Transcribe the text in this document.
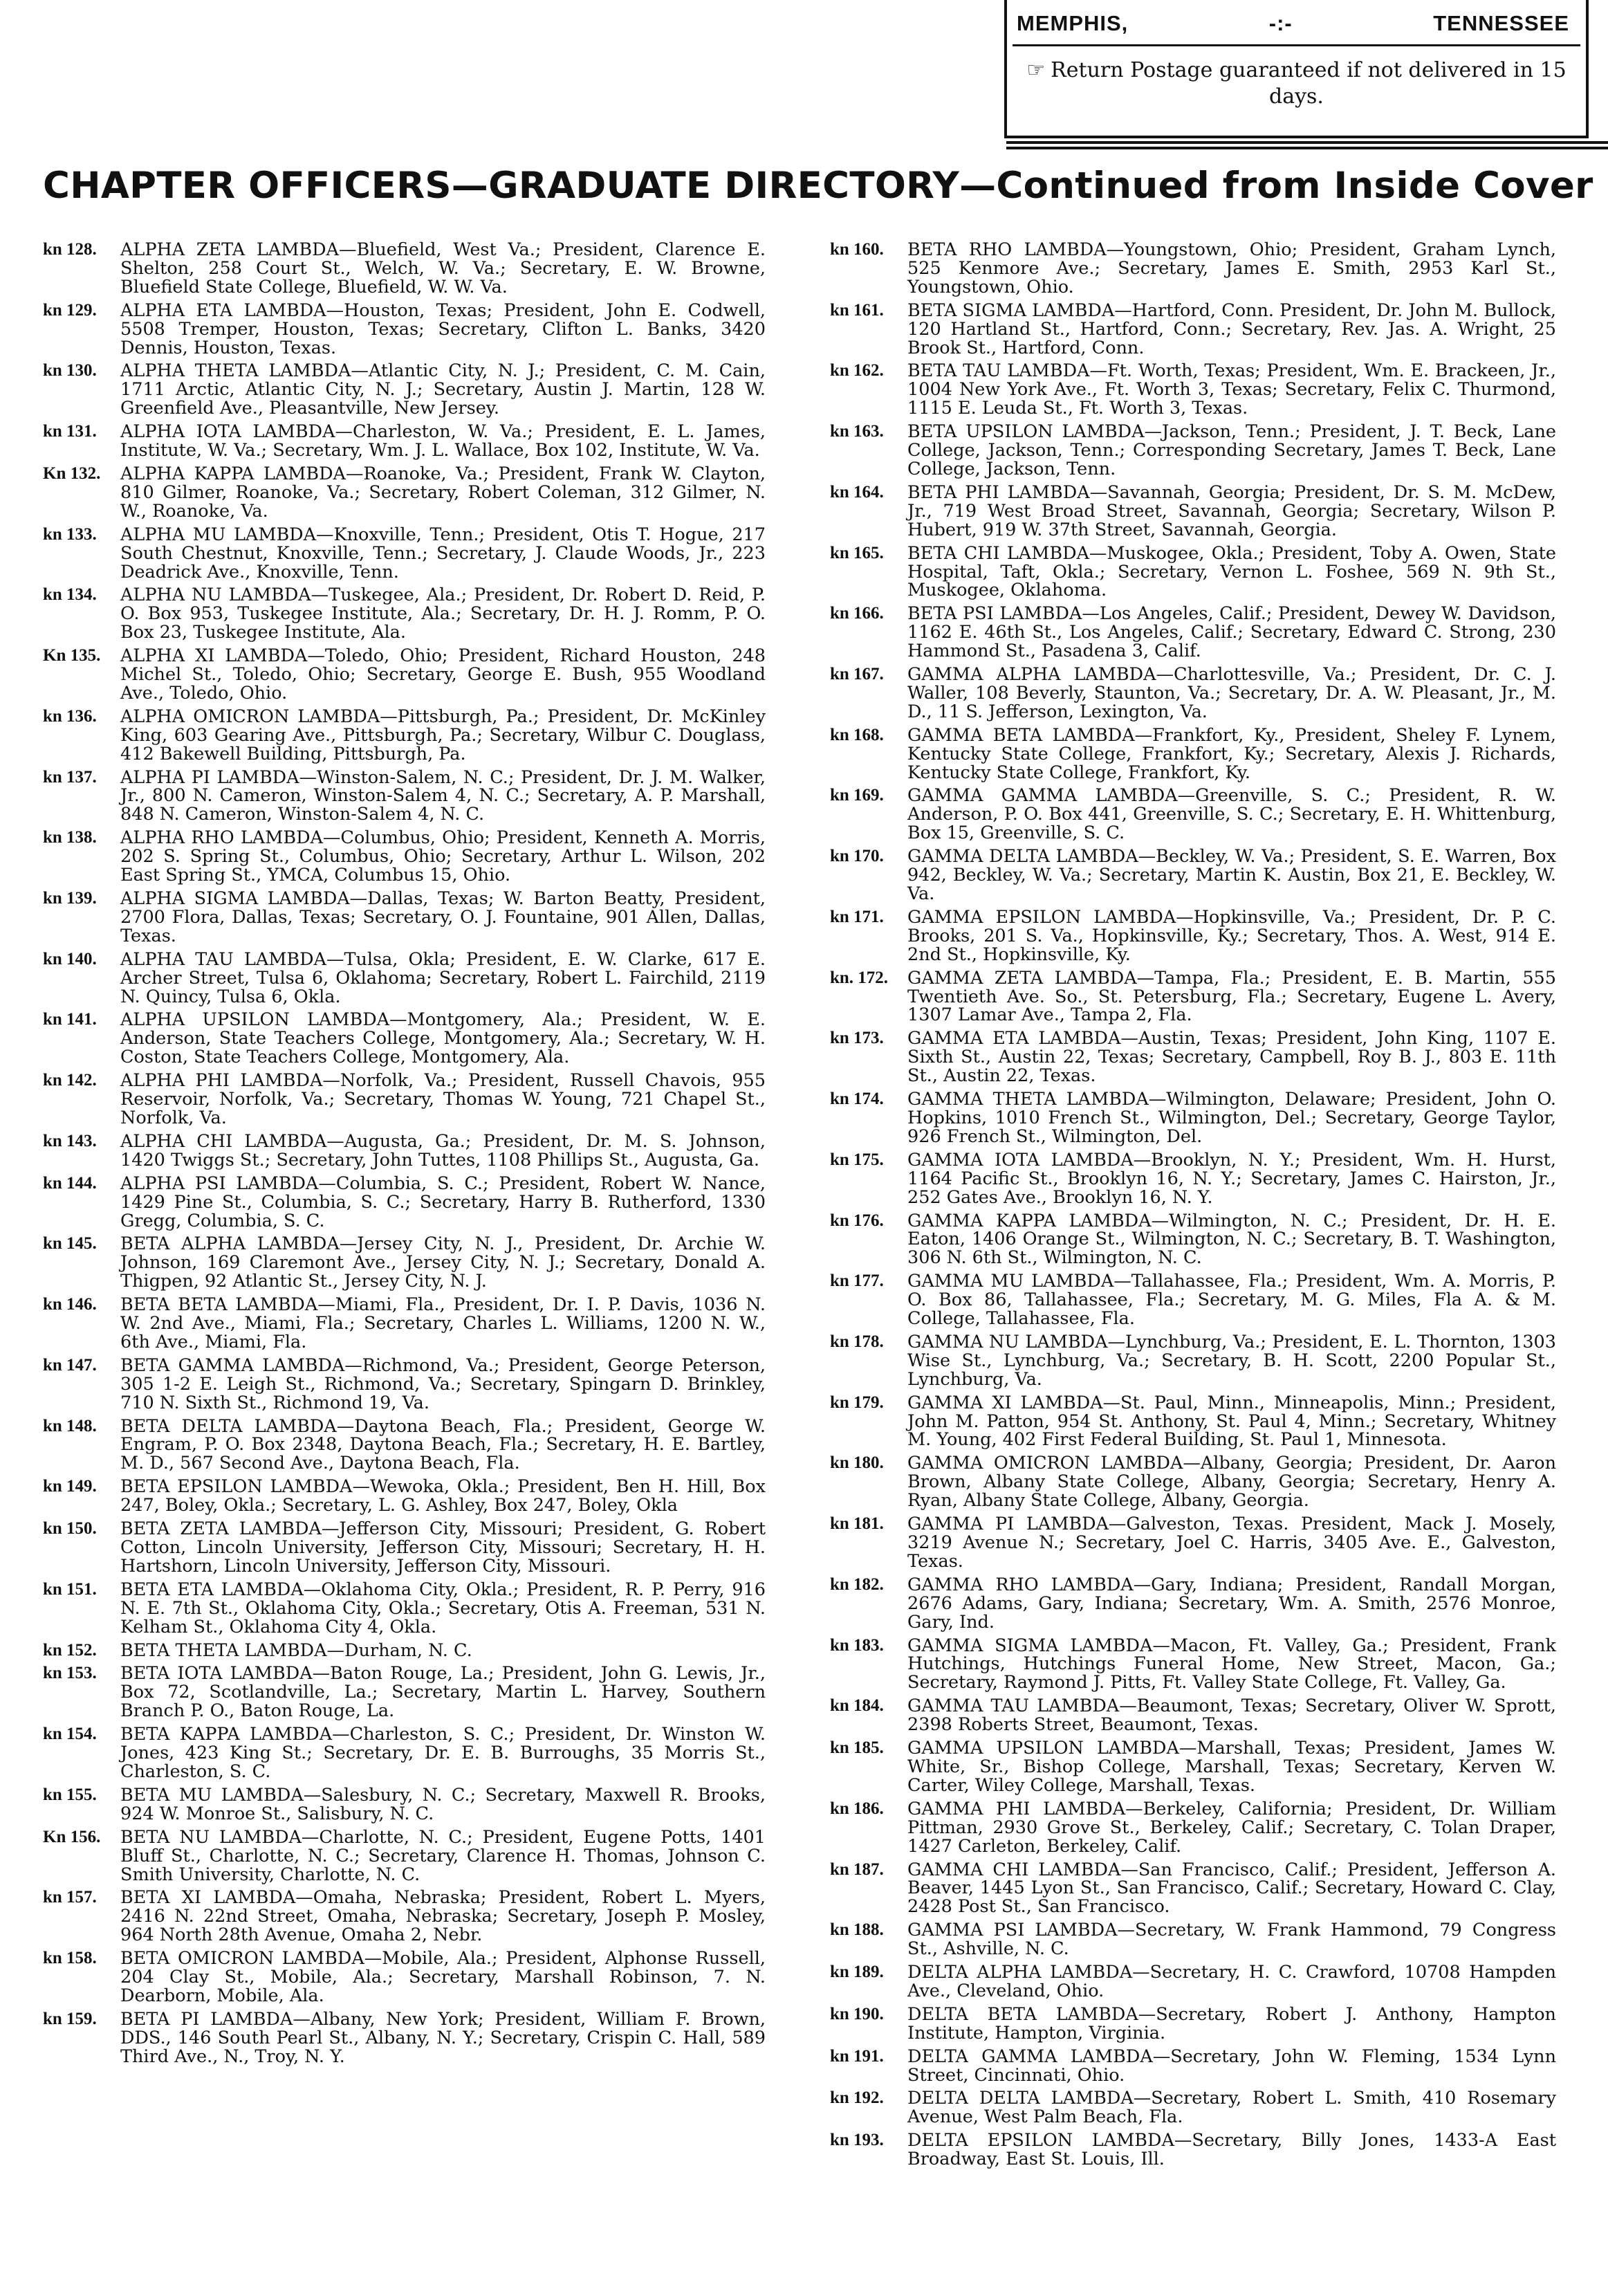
MEMPHIS,	-:-	TENNESSEE
☞ Return Postage guaranteed if not delivered in 15 days.
CHAPTER OFFICERS—GRADUATE DIRECTORY—Continued from Inside Cover
kn 128.	ALPHA ZETA LAMBDA—Bluefield, West Va.; President, Clarence E. Shelton, 258 Court St., Welch, W. Va.; Secretary, E. W. Browne, Bluefield State College, Bluefield, W. W. Va.
kn 129.	ALPHA ETA LAMBDA—Houston, Texas; President, John E. Codwell, 5508 Tremper, Houston, Texas; Secretary, Clifton L. Banks, 3420 Dennis, Houston, Texas.
kn 130.	ALPHA THETA LAMBDA—Atlantic City, N. J.; President, C. M. Cain, 1711 Arctic, Atlantic City, N. J.; Secretary, Austin J. Martin, 128 W. Greenfield Ave., Pleasantville, New Jersey.
kn 131.	ALPHA IOTA LAMBDA—Charleston, W. Va.; President, E. L. James, Institute, W. Va.; Secretary, Wm. J. L. Wallace, Box 102, Institute, W. Va.
Kn 132.	ALPHA KAPPA LAMBDA—Roanoke, Va.; President, Frank W. Clayton, 810 Gilmer, Roanoke, Va.; Secretary, Robert Coleman, 312 Gilmer, N. W., Roanoke, Va.
kn 133.	ALPHA MU LAMBDA—Knoxville, Tenn.; President, Otis T. Hogue, 217 South Chestnut, Knoxville, Tenn.; Secretary, J. Claude Woods, Jr., 223 Deadrick Ave., Knoxville, Tenn.
kn 134.	ALPHA NU LAMBDA—Tuskegee, Ala.; President, Dr. Robert D. Reid, P. O. Box 953, Tuskegee Institute, Ala.; Secretary, Dr. H. J. Romm, P. O. Box 23, Tuskegee Institute, Ala.
Kn 135.	ALPHA XI LAMBDA—Toledo, Ohio; President, Richard Houston, 248 Michel St., Toledo, Ohio; Secretary, George E. Bush, 955 Woodland Ave., Toledo, Ohio.
kn 136.	ALPHA OMICRON LAMBDA—Pittsburgh, Pa.; President, Dr. McKinley King, 603 Gearing Ave., Pittsburgh, Pa.; Secretary, Wilbur C. Douglass, 412 Bakewell Building, Pittsburgh, Pa.
kn 137.	ALPHA PI LAMBDA—Winston-Salem, N. C.; President, Dr. J. M. Walker, Jr., 800 N. Cameron, Winston-Salem 4, N. C.; Secretary, A. P. Marshall, 848 N. Cameron, Winston-Salem 4, N. C.
kn 138.	ALPHA RHO LAMBDA—Columbus, Ohio; President, Kenneth A. Morris, 202 S. Spring St., Columbus, Ohio; Secretary, Arthur L. Wilson, 202 East Spring St., YMCA, Columbus 15, Ohio.
kn 139.	ALPHA SIGMA LAMBDA—Dallas, Texas; W. Barton Beatty, President, 2700 Flora, Dallas, Texas; Secretary, O. J. Fountaine, 901 Allen, Dallas, Texas.
kn 140.	ALPHA TAU LAMBDA—Tulsa, Okla; President, E. W. Clarke, 617 E. Archer Street, Tulsa 6, Oklahoma; Secretary, Robert L. Fairchild, 2119 N. Quincy, Tulsa 6, Okla.
kn 141.	ALPHA UPSILON LAMBDA—Montgomery, Ala.; President, W. E. Anderson, State Teachers College, Montgomery, Ala.; Secretary, W. H. Coston, State Teachers College, Montgomery, Ala.
kn 142.	ALPHA PHI LAMBDA—Norfolk, Va.; President, Russell Chavois, 955 Reservoir, Norfolk, Va.; Secretary, Thomas W. Young, 721 Chapel St., Norfolk, Va.
kn 143.	ALPHA CHI LAMBDA—Augusta, Ga.; President, Dr. M. S. Johnson, 1420 Twiggs St.; Secretary, John Tuttes, 1108 Phillips St., Augusta, Ga.
kn 144.	ALPHA PSI LAMBDA—Columbia, S. C.; President, Robert W. Nance, 1429 Pine St., Columbia, S. C.; Secretary, Harry B. Rutherford, 1330 Gregg, Columbia, S. C.
kn 145.	BETA ALPHA LAMBDA—Jersey City, N. J., President, Dr. Archie W. Johnson, 169 Claremont Ave., Jersey City, N. J.; Secretary, Donald A. Thigpen, 92 Atlantic St., Jersey City, N. J.
kn 146.	BETA BETA LAMBDA—Miami, Fla., President, Dr. I. P. Davis, 1036 N. W. 2nd Ave., Miami, Fla.; Secretary, Charles L. Williams, 1200 N. W., 6th Ave., Miami, Fla.
kn 147.	BETA GAMMA LAMBDA—Richmond, Va.; President, George Peterson, 305 1-2 E. Leigh St., Richmond, Va.; Secretary, Spingarn D. Brinkley, 710 N. Sixth St., Richmond 19, Va.
kn 148.	BETA DELTA LAMBDA—Daytona Beach, Fla.; President, George W. Engram, P. O. Box 2348, Daytona Beach, Fla.; Secretary, H. E. Bartley, M. D., 567 Second Ave., Daytona Beach, Fla.
kn 149.	BETA EPSILON LAMBDA—Wewoka, Okla.; President, Ben H. Hill, Box 247, Boley, Okla.; Secretary, L. G. Ashley, Box 247, Boley, Okla
kn 150.	BETA ZETA LAMBDA—Jefferson City, Missouri; President, G. Robert Cotton, Lincoln University, Jefferson City, Missouri; Secretary, H. H. Hartshorn, Lincoln University, Jefferson City, Missouri.
kn 151.	BETA ETA LAMBDA—Oklahoma City, Okla.; President, R. P. Perry, 916 N. E. 7th St., Oklahoma City, Okla.; Secretary, Otis A. Freeman, 531 N. Kelham St., Oklahoma City 4, Okla.
kn 152.	BETA THETA LAMBDA—Durham, N. C.
kn 153.	BETA IOTA LAMBDA—Baton Rouge, La.; President, John G. Lewis, Jr., Box 72, Scotlandville, La.; Secretary, Martin L. Harvey, Southern Branch P. O., Baton Rouge, La.
kn 154.	BETA KAPPA LAMBDA—Charleston, S. C.; President, Dr. Winston W. Jones, 423 King St.; Secretary, Dr. E. B. Burroughs, 35 Morris St., Charleston, S. C.
kn 155.	BETA MU LAMBDA—Salesbury, N. C.; Secretary, Maxwell R. Brooks, 924 W. Monroe St., Salisbury, N. C.
Kn 156.	BETA NU LAMBDA—Charlotte, N. C.; President, Eugene Potts, 1401 Bluff St., Charlotte, N. C.; Secretary, Clarence H. Thomas, Johnson C. Smith University, Charlotte, N. C.
kn 157.	BETA XI LAMBDA—Omaha, Nebraska; President, Robert L. Myers, 2416 N. 22nd Street, Omaha, Nebraska; Secretary, Joseph P. Mosley, 964 North 28th Avenue, Omaha 2, Nebr.
kn 158.	BETA OMICRON LAMBDA—Mobile, Ala.; President, Alphonse Russell, 204 Clay St., Mobile, Ala.; Secretary, Marshall Robinson, 7. N. Dearborn, Mobile, Ala.
kn 159.	BETA PI LAMBDA—Albany, New York; President, William F. Brown, DDS., 146 South Pearl St., Albany, N. Y.; Secretary, Crispin C. Hall, 589 Third Ave., N., Troy, N. Y.
kn 160.	BETA RHO LAMBDA—Youngstown, Ohio; President, Graham Lynch, 525 Kenmore Ave.; Secretary, James E. Smith, 2953 Karl St., Youngstown, Ohio.
kn 161.	BETA SIGMA LAMBDA—Hartford, Conn. President, Dr. John M. Bullock, 120 Hartland St., Hartford, Conn.; Secretary, Rev. Jas. A. Wright, 25 Brook St., Hartford, Conn.
kn 162.	BETA TAU LAMBDA—Ft. Worth, Texas; President, Wm. E. Brackeen, Jr., 1004 New York Ave., Ft. Worth 3, Texas; Secretary, Felix C. Thurmond, 1115 E. Leuda St., Ft. Worth 3, Texas.
kn 163.	BETA UPSILON LAMBDA—Jackson, Tenn.; President, J. T. Beck, Lane College, Jackson, Tenn.; Corresponding Secretary, James T. Beck, Lane College, Jackson, Tenn.
kn 164.	BETA PHI LAMBDA—Savannah, Georgia; President, Dr. S. M. McDew, Jr., 719 West Broad Street, Savannah, Georgia; Secretary, Wilson P. Hubert, 919 W. 37th Street, Savannah, Georgia.
kn 165.	BETA CHI LAMBDA—Muskogee, Okla.; President, Toby A. Owen, State Hospital, Taft, Okla.; Secretary, Vernon L. Foshee, 569 N. 9th St., Muskogee, Oklahoma.
kn 166.	BETA PSI LAMBDA—Los Angeles, Calif.; President, Dewey W. Davidson, 1162 E. 46th St., Los Angeles, Calif.; Secretary, Edward C. Strong, 230 Hammond St., Pasadena 3, Calif.
kn 167.	GAMMA ALPHA LAMBDA—Charlottesville, Va.; President, Dr. C. J. Waller, 108 Beverly, Staunton, Va.; Secretary, Dr. A. W. Pleasant, Jr., M. D., 11 S. Jefferson, Lexington, Va.
kn 168.	GAMMA BETA LAMBDA—Frankfort, Ky., President, Sheley F. Lynem, Kentucky State College, Frankfort, Ky.; Secretary, Alexis J. Richards, Kentucky State College, Frankfort, Ky.
kn 169.	GAMMA GAMMA LAMBDA—Greenville, S. C.; President, R. W. Anderson, P. O. Box 441, Greenville, S. C.; Secretary, E. H. Whittenburg, Box 15, Greenville, S. C.
kn 170.	GAMMA DELTA LAMBDA—Beckley, W. Va.; President, S. E. Warren, Box 942, Beckley, W. Va.; Secretary, Martin K. Austin, Box 21, E. Beckley, W. Va.
kn 171.	GAMMA EPSILON LAMBDA—Hopkinsville, Va.; President, Dr. P. C. Brooks, 201 S. Va., Hopkinsville, Ky.; Secretary, Thos. A. West, 914 E. 2nd St., Hopkinsville, Ky.
kn. 172.	GAMMA ZETA LAMBDA—Tampa, Fla.; President, E. B. Martin, 555 Twentieth Ave. So., St. Petersburg, Fla.; Secretary, Eugene L. Avery, 1307 Lamar Ave., Tampa 2, Fla.
kn 173.	GAMMA ETA LAMBDA—Austin, Texas; President, John King, 1107 E. Sixth St., Austin 22, Texas; Secretary, Campbell, Roy B. J., 803 E. 11th St., Austin 22, Texas.
kn 174.	GAMMA THETA LAMBDA—Wilmington, Delaware; President, John O. Hopkins, 1010 French St., Wilmington, Del.; Secretary, George Taylor, 926 French St., Wilmington, Del.
kn 175.	GAMMA IOTA LAMBDA—Brooklyn, N. Y.; President, Wm. H. Hurst, 1164 Pacific St., Brooklyn 16, N. Y.; Secretary, James C. Hairston, Jr., 252 Gates Ave., Brooklyn 16, N. Y.
kn 176.	GAMMA KAPPA LAMBDA—Wilmington, N. C.; President, Dr. H. E. Eaton, 1406 Orange St., Wilmington, N. C.; Secretary, B. T. Washington, 306 N. 6th St., Wilmington, N. C.
kn 177.	GAMMA MU LAMBDA—Tallahassee, Fla.; President, Wm. A. Morris, P. O. Box 86, Tallahassee, Fla.; Secretary, M. G. Miles, Fla A. & M. College, Tallahassee, Fla.
kn 178.	GAMMA NU LAMBDA—Lynchburg, Va.; President, E. L. Thornton, 1303 Wise St., Lynchburg, Va.; Secretary, B. H. Scott, 2200 Popular St., Lynchburg, Va.
kn 179.	GAMMA XI LAMBDA—St. Paul, Minn., Minneapolis, Minn.; President, John M. Patton, 954 St. Anthony, St. Paul 4, Minn.; Secretary, Whitney M. Young, 402 First Federal Building, St. Paul 1, Minnesota.
kn 180.	GAMMA OMICRON LAMBDA—Albany, Georgia; President, Dr. Aaron Brown, Albany State College, Albany, Georgia; Secretary, Henry A. Ryan, Albany State College, Albany, Georgia.
kn 181.	GAMMA PI LAMBDA—Galveston, Texas. President, Mack J. Mosely, 3219 Avenue N.; Secretary, Joel C. Harris, 3405 Ave. E., Galveston, Texas.
kn 182.	GAMMA RHO LAMBDA—Gary, Indiana; President, Randall Morgan, 2676 Adams, Gary, Indiana; Secretary, Wm. A. Smith, 2576 Monroe, Gary, Ind.
kn 183.	GAMMA SIGMA LAMBDA—Macon, Ft. Valley, Ga.; President, Frank Hutchings, Hutchings Funeral Home, New Street, Macon, Ga.; Secretary, Raymond J. Pitts, Ft. Valley State College, Ft. Valley, Ga.
kn 184.	GAMMA TAU LAMBDA—Beaumont, Texas; Secretary, Oliver W. Sprott, 2398 Roberts Street, Beaumont, Texas.
kn 185.	GAMMA UPSILON LAMBDA—Marshall, Texas; President, James W. White, Sr., Bishop College, Marshall, Texas; Secretary, Kerven W. Carter, Wiley College, Marshall, Texas.
kn 186.	GAMMA PHI LAMBDA—Berkeley, California; President, Dr. William Pittman, 2930 Grove St., Berkeley, Calif.; Secretary, C. Tolan Draper, 1427 Carleton, Berkeley, Calif.
kn 187.	GAMMA CHI LAMBDA—San Francisco, Calif.; President, Jefferson A. Beaver, 1445 Lyon St., San Francisco, Calif.; Secretary, Howard C. Clay, 2428 Post St., San Francisco.
kn 188.	GAMMA PSI LAMBDA—Secretary, W. Frank Hammond, 79 Congress St., Ashville, N. C.
kn 189.	DELTA ALPHA LAMBDA—Secretary, H. C. Crawford, 10708 Hampden Ave., Cleveland, Ohio.
kn 190.	DELTA BETA LAMBDA—Secretary, Robert J. Anthony, Hampton Institute, Hampton, Virginia.
kn 191.	DELTA GAMMA LAMBDA—Secretary, John W. Fleming, 1534 Lynn Street, Cincinnati, Ohio.
kn 192.	DELTA DELTA LAMBDA—Secretary, Robert L. Smith, 410 Rosemary Avenue, West Palm Beach, Fla.
kn 193.	DELTA EPSILON LAMBDA—Secretary, Billy Jones, 1433-A East Broadway, East St. Louis, Ill.
